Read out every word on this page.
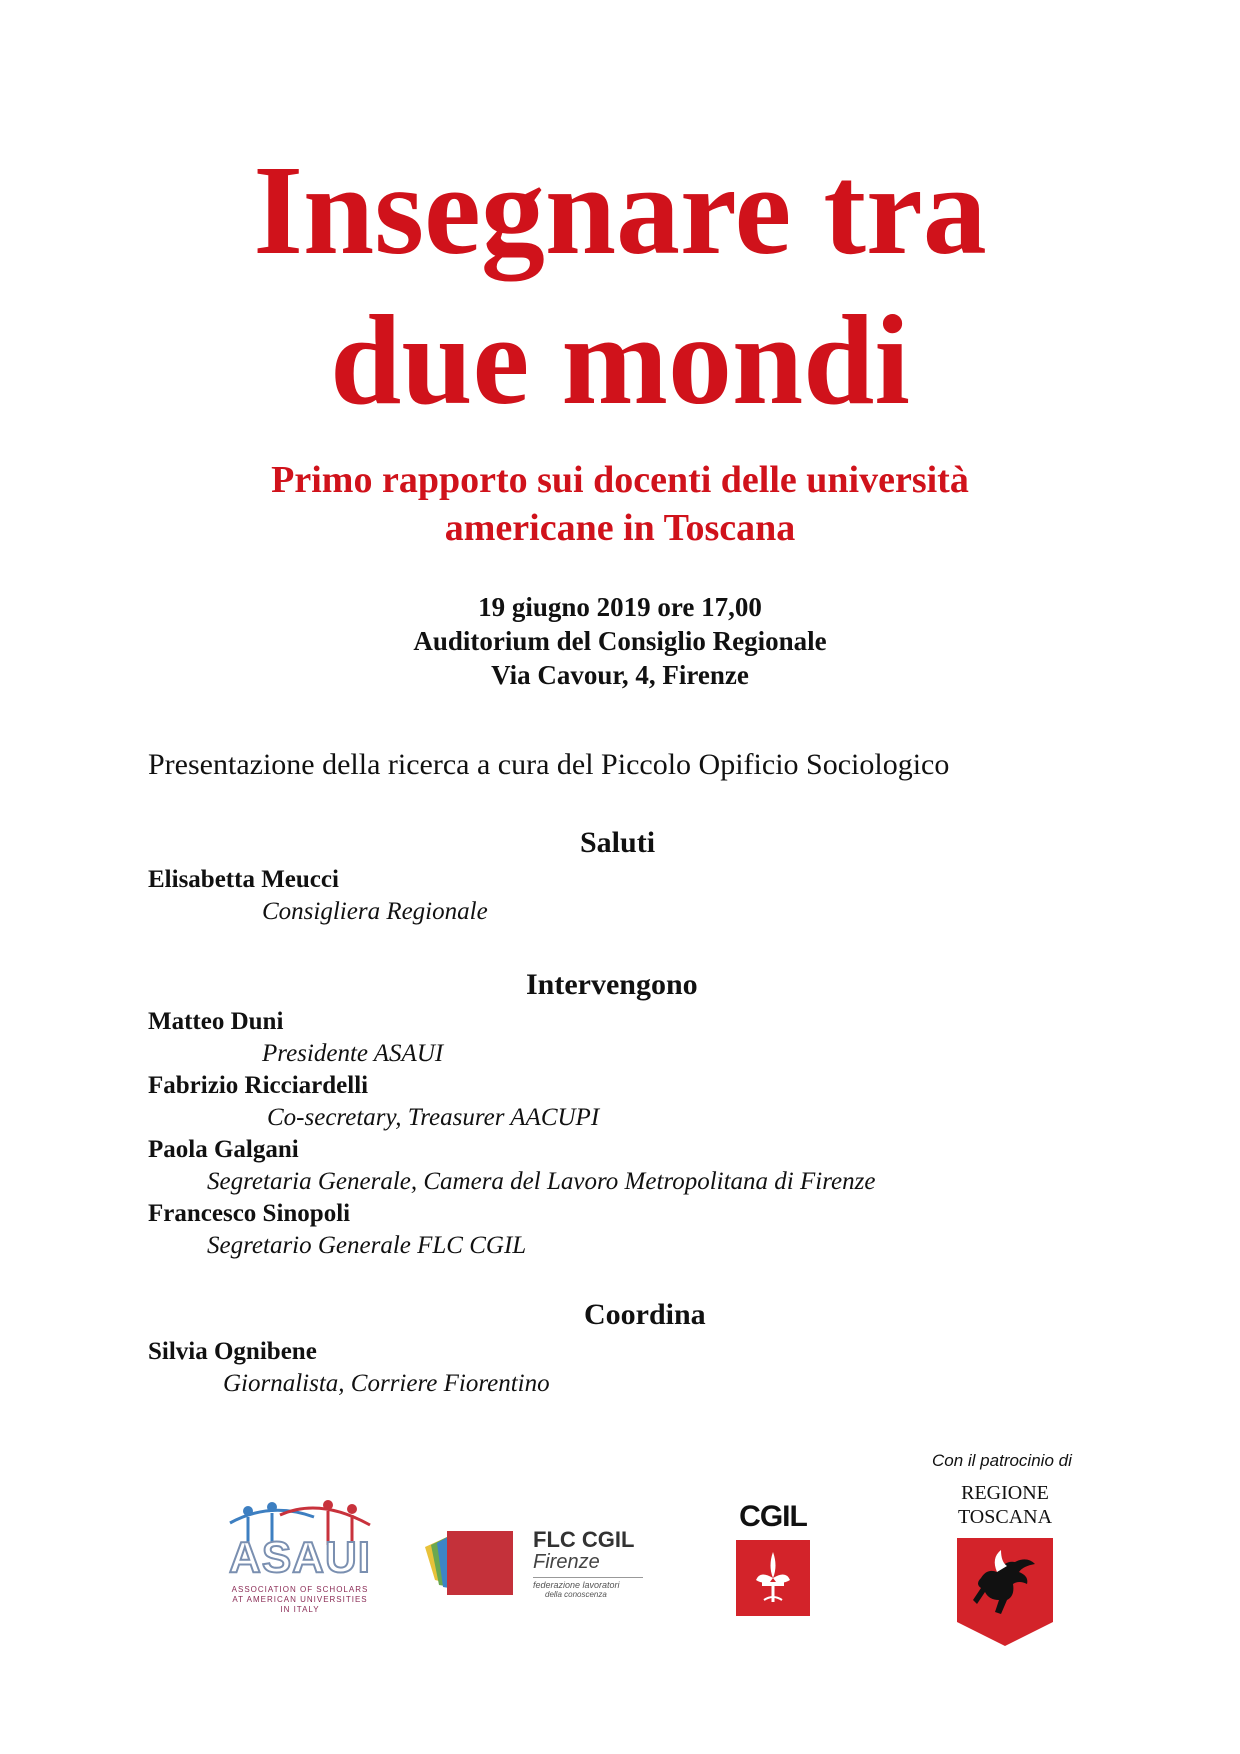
Insegnare tra
due mondi
Primo rapporto sui docenti delle università
americane in Toscana
19 giugno 2019 ore 17,00
Auditorium del Consiglio Regionale
Via Cavour, 4, Firenze
Presentazione della ricerca a cura del Piccolo Opificio Sociologico
Saluti
Elisabetta Meucci
Consigliera Regionale
Intervengono
Matteo Duni
Presidente ASAUI
Fabrizio Ricciardelli
Co-secretary, Treasurer AACUPI
Paola Galgani
Segretaria Generale, Camera del Lavoro Metropolitana di Firenze
Francesco Sinopoli
Segretario Generale FLC CGIL
Coordina
Silvia Ognibene
Giornalista, Corriere Fiorentino
Con il patrocinio di
ASAUI
ASSOCIATION OF SCHOLARS
AT AMERICAN UNIVERSITIES
IN ITALY
FLC CGIL
Firenze
federazione lavoratori
della conoscenza
CGIL
REGIONE
TOSCANA
